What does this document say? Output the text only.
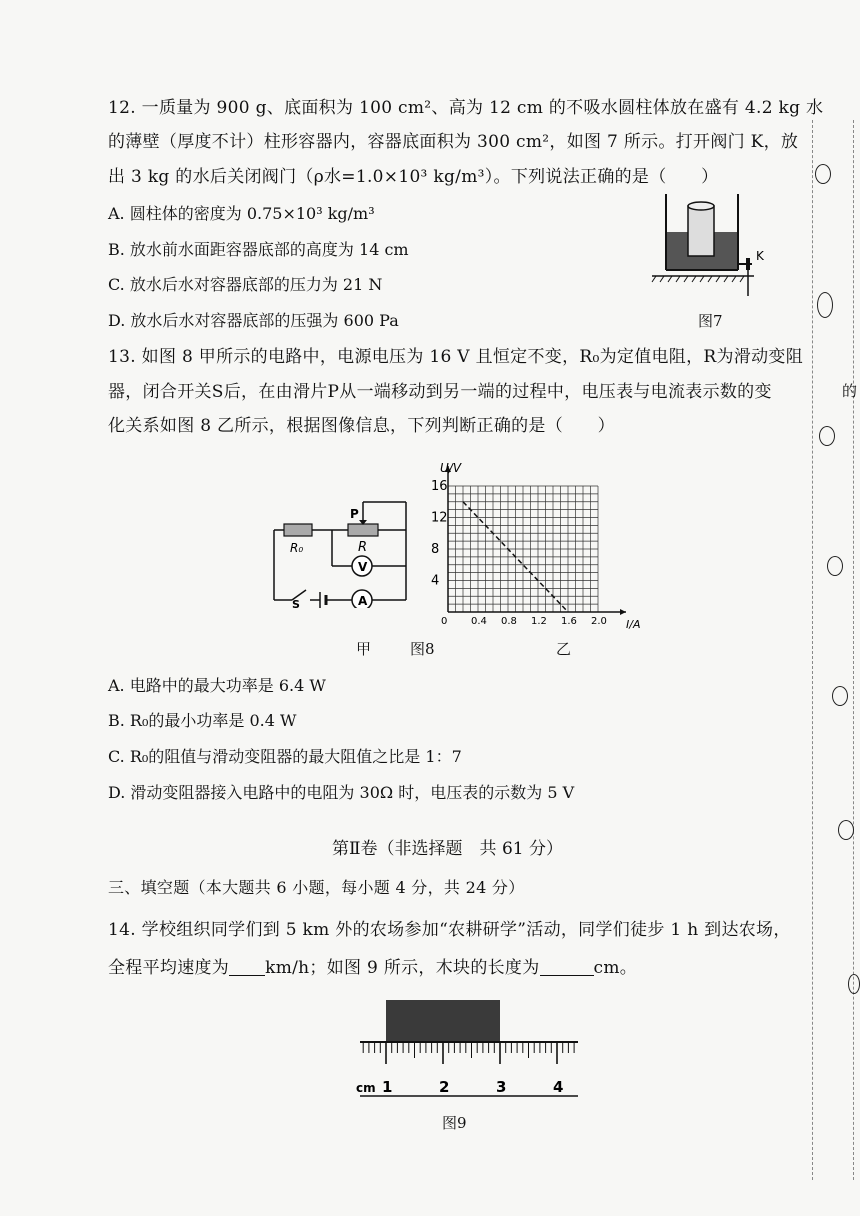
的
12. 一质量为 900 g、底面积为 100 cm²、高为 12 cm 的不吸水圆柱体放在盛有 4.2 kg 水
的薄壁（厚度不计）柱形容器内，容器底面积为 300 cm²，如图 7 所示。打开阀门 K，放
出 3 kg 的水后关闭阀门（ρ水=1.0×10³ kg/m³）。下列说法正确的是（　　）
A. 圆柱体的密度为 0.75×10³ kg/m³
B. 放水前水面距容器底部的高度为 14 cm
C. 放水后水对容器底部的压力为 21 N
D. 放水后水对容器底部的压强为 600 Pa
K
图7
13. 如图 8 甲所示的电路中，电源电压为 16 V 且恒定不变，R₀为定值电阻，R为滑动变阻
器，闭合开关S后，在由滑片P从一端移动到另一端的过程中，电压表与电流表示数的变
化关系如图 8 乙所示，根据图像信息，下列判断正确的是（　　）
V
A
R₀	R
P
S
0 0.4 0.8 1.2 1.6 2.0
4
8
12
16
U/V
I/A
甲	图8	乙
A. 电路中的最大功率是 6.4 W
B. R₀的最小功率是 0.4 W
C. R₀的阻值与滑动变阻器的最大阻值之比是 1：7
D. 滑动变阻器接入电路中的电阻为 30Ω 时，电压表的示数为 5 V
第Ⅱ卷（非选择题　共 61 分）
三、填空题（本大题共 6 小题，每小题 4 分，共 24 分）
14. 学校组织同学们到 5 km 外的农场参加“农耕研学”活动，同学们徒步 1 h 到达农场，
全程平均速度为 km/h；如图 9 所示，木块的长度为	cm。
cm 1	2	3	4
图9
